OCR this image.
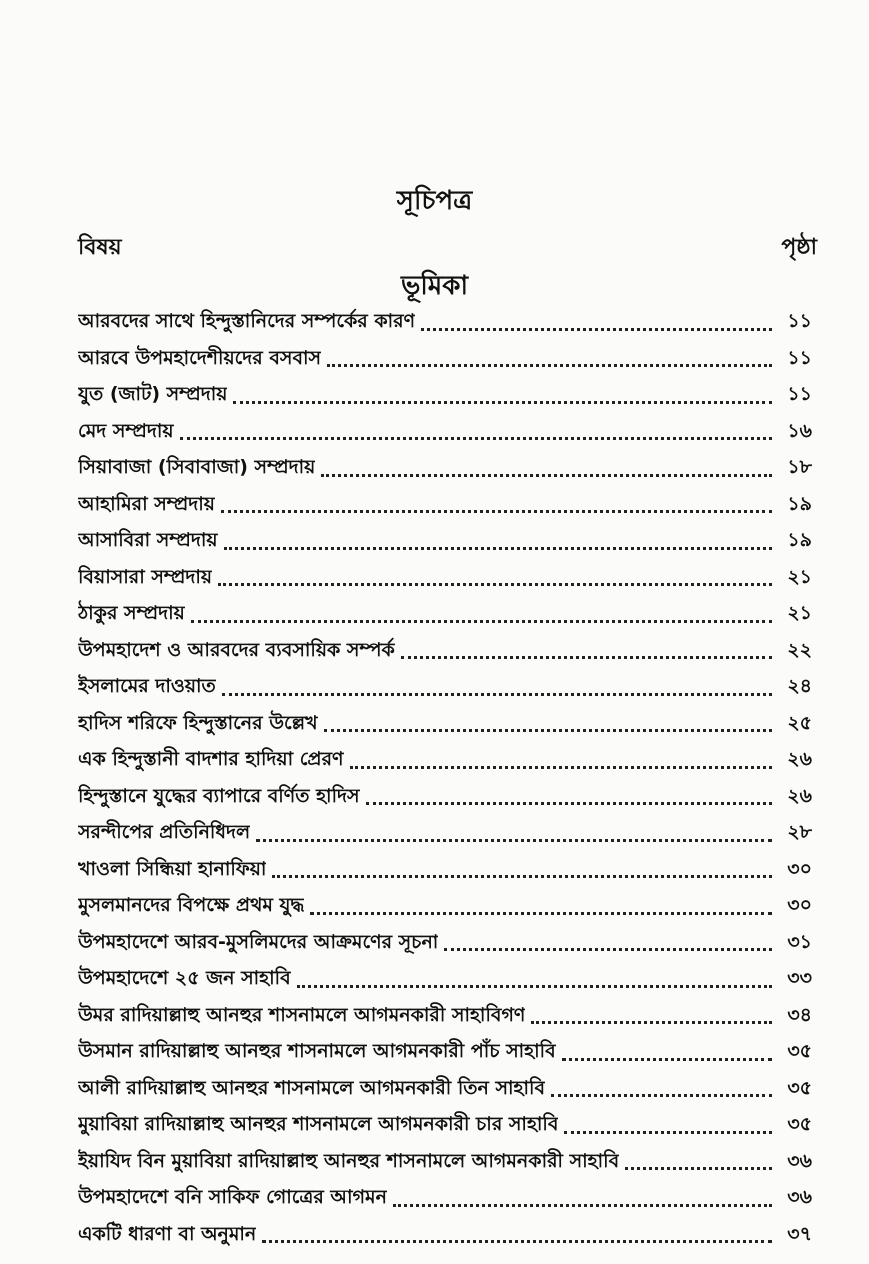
সূচিপত্র
বিষয়	পৃষ্ঠা
ভূমিকা
আরবদের সাথে হিন্দুস্তানিদের সম্পর্কের কারণ	১১
আরবে উপমহাদেশীয়দের বসবাস	১১
যুত (জাট) সম্প্রদায়	১১
মেদ সম্প্রদায়	১৬
সিয়াবাজা (সিবাবাজা) সম্প্রদায়	১৮
আহামিরা সম্প্রদায়	১৯
আসাবিরা সম্প্রদায়	১৯
বিয়াসারা সম্প্রদায়	২১
ঠাকুর সম্প্রদায়	২১
উপমহাদেশ ও আরবদের ব্যবসায়িক সম্পর্ক	২২
ইসলামের দাওয়াত	২৪
হাদিস শরিফে হিন্দুস্তানের উল্লেখ	২৫
এক হিন্দুস্তানী বাদশার হাদিয়া প্রেরণ	২৬
হিন্দুস্তানে যুদ্ধের ব্যাপারে বর্ণিত হাদিস	২৬
সরন্দীপের প্রতিনিধিদল	২৮
খাওলা সিন্ধিয়া হানাফিয়া	৩০
মুসলমানদের বিপক্ষে প্রথম যুদ্ধ	৩০
উপমহাদেশে আরব-মুসলিমদের আক্রমণের সূচনা	৩১
উপমহাদেশে ২৫ জন সাহাবি	৩৩
উমর রাদিয়াল্লাহু আনহুর শাসনামলে আগমনকারী সাহাবিগণ	৩৪
উসমান রাদিয়াল্লাহু আনহুর শাসনামলে আগমনকারী পাঁচ সাহাবি	৩৫
আলী রাদিয়াল্লাহু আনহুর শাসনামলে আগমনকারী তিন সাহাবি	৩৫
মুয়াবিয়া রাদিয়াল্লাহু আনহুর শাসনামলে আগমনকারী চার সাহাবি	৩৫
ইয়াযিদ বিন মুয়াবিয়া রাদিয়াল্লাহু আনহুর শাসনামলে আগমনকারী সাহাবি	৩৬
উপমহাদেশে বনি সাকিফ গোত্রের আগমন	৩৬
একটি ধারণা বা অনুমান	৩৭
